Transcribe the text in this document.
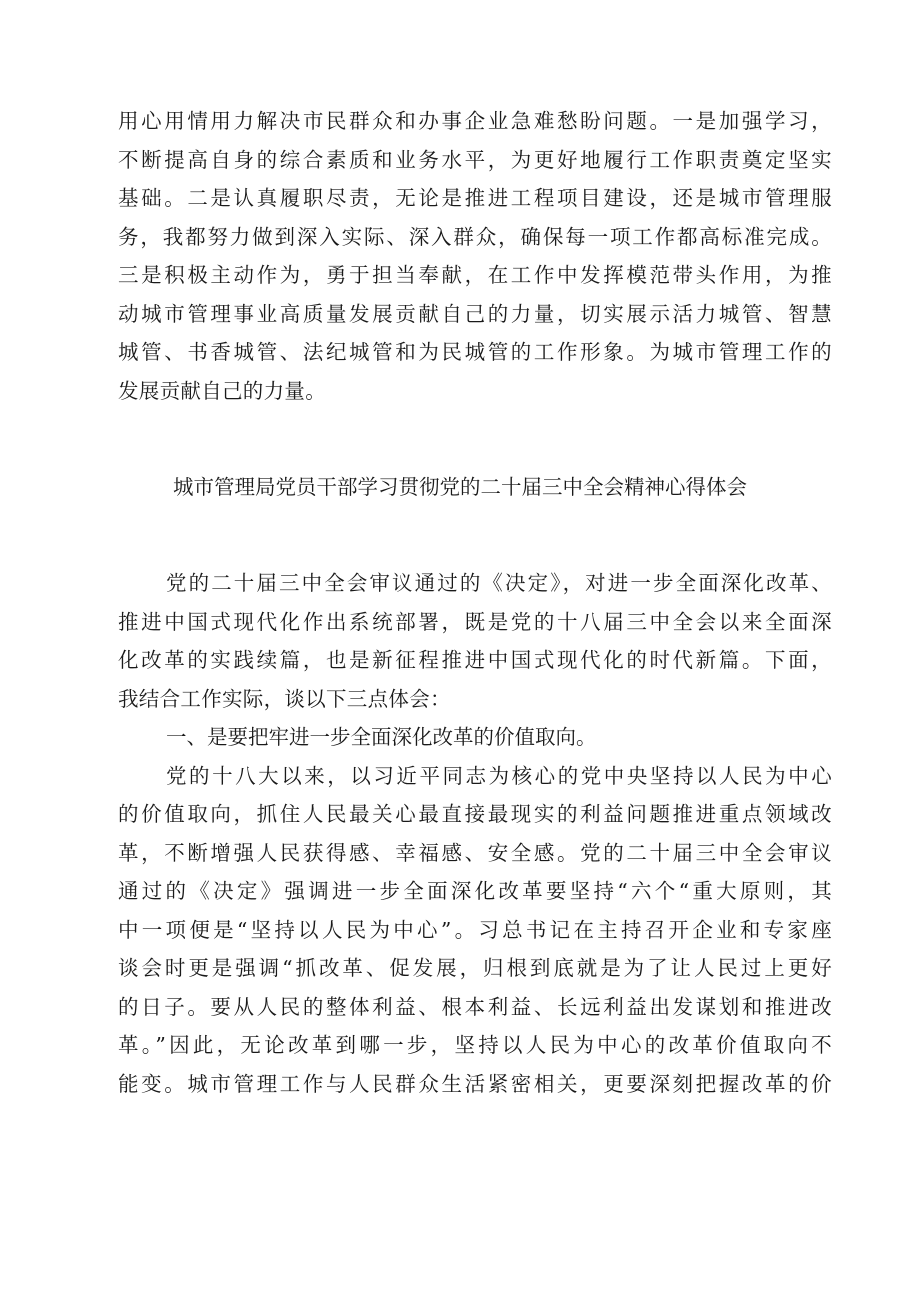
用心用情用力解决市民群众和办事企业急难愁盼问题。一是加强学习，
不断提高自身的综合素质和业务水平，为更好地履行工作职责奠定坚实
基础。二是认真履职尽责，无论是推进工程项目建设，还是城市管理服
务，我都努力做到深入实际、深入群众，确保每一项工作都高标准完成。
三是积极主动作为，勇于担当奉献，在工作中发挥模范带头作用，为推
动城市管理事业高质量发展贡献自己的力量，切实展示活力城管、智慧
城管、书香城管、法纪城管和为民城管的工作形象。为城市管理工作的
发展贡献自己的力量。
城市管理局党员干部学习贯彻党的二十届三中全会精神心得体会
党的二十届三中全会审议通过的《决定》，对进一步全面深化改革、
推进中国式现代化作出系统部署，既是党的十八届三中全会以来全面深
化改革的实践续篇，也是新征程推进中国式现代化的时代新篇。下面，
我结合工作实际，谈以下三点体会：
一、是要把牢进一步全面深化改革的价值取向。
党的十八大以来，以习近平同志为核心的党中央坚持以人民为中心
的价值取向，抓住人民最关心最直接最现实的利益问题推进重点领域改
革，不断增强人民获得感、幸福感、安全感。党的二十届三中全会审议
通过的《决定》强调进一步全面深化改革要坚持“六个“重大原则，其
中一项便是“坚持以人民为中心”。习总书记在主持召开企业和专家座
谈会时更是强调“抓改革、促发展，归根到底就是为了让人民过上更好
的日子。要从人民的整体利益、根本利益、长远利益出发谋划和推进改
革。”因此，无论改革到哪一步，坚持以人民为中心的改革价值取向不
能变。城市管理工作与人民群众生活紧密相关，更要深刻把握改革的价
